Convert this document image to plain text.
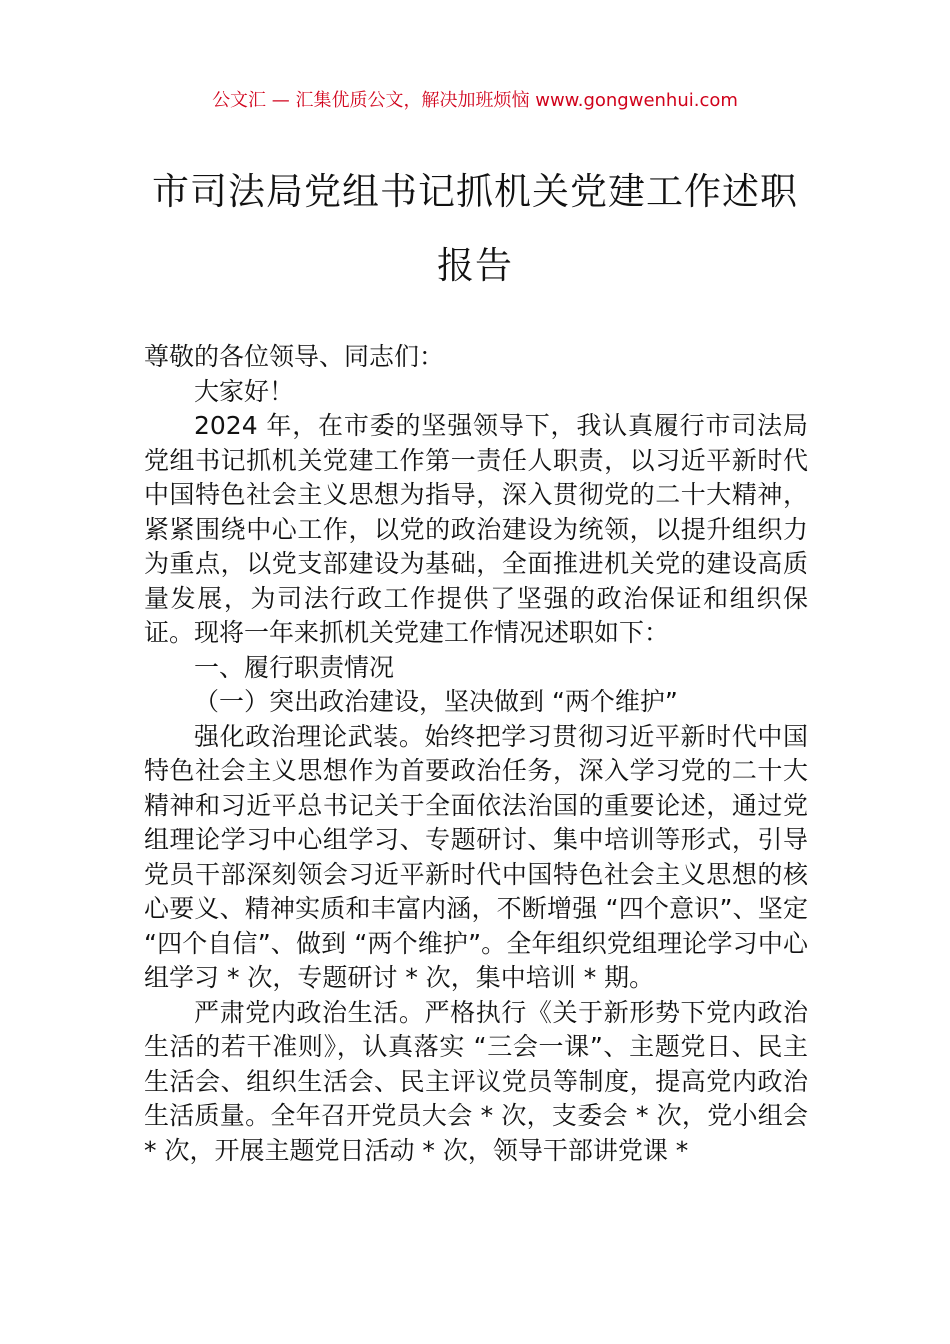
公文汇 — 汇集优质公文，解决加班烦恼 www.gongwenhui.com
市司法局党组书记抓机关党建工作述职报告

尊敬的各位领导、同志们：

大家好！

2024 年，在市委的坚强领导下，我认真履行市司法局党组书记抓机关党建工作第一责任人职责，以习近平新时代中国特色社会主义思想为指导，深入贯彻党的二十大精神，紧紧围绕中心工作，以党的政治建设为统领，以提升组织力为重点，以党支部建设为基础，全面推进机关党的建设高质量发展，为司法行政工作提供了坚强的政治保证和组织保证。现将一年来抓机关党建工作情况述职如下：

一、履行职责情况

（一）突出政治建设，坚决做到 “两个维护”

强化政治理论武装。始终把学习贯彻习近平新时代中国特色社会主义思想作为首要政治任务，深入学习党的二十大精神和习近平总书记关于全面依法治国的重要论述，通过党组理论学习中心组学习、专题研讨、集中培训等形式，引导党员干部深刻领会习近平新时代中国特色社会主义思想的核心要义、精神实质和丰富内涵，不断增强 “四个意识”、坚定 “四个自信”、做到 “两个维护”。全年组织党组理论学习中心组学习 * 次，专题研讨 * 次，集中培训 * 期。

严肃党内政治生活。严格执行《关于新形势下党内政治生活的若干准则》，认真落实 “三会一课”、主题党日、民主生活会、组织生活会、民主评议党员等制度，提高党内政治生活质量。全年召开党员大会 * 次，支委会 * 次，党小组会 * 次，开展主题党日活动 * 次，领导干部讲党课 *
